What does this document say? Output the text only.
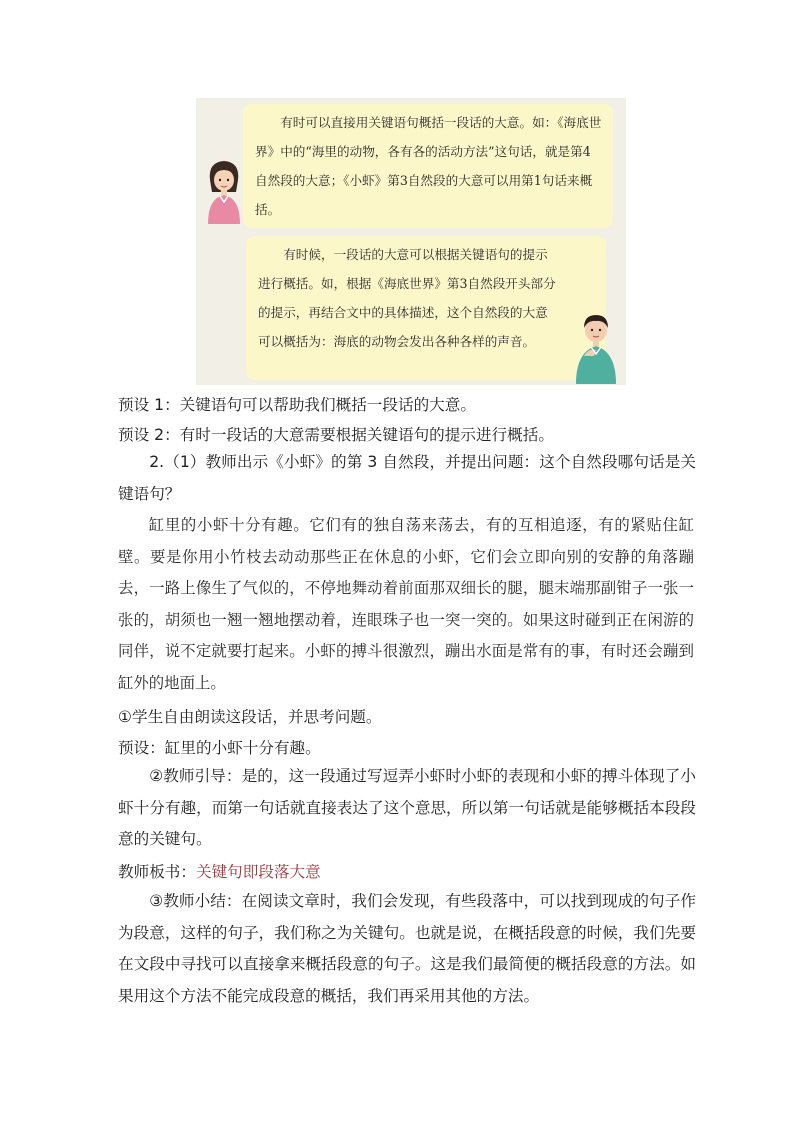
有时可以直接用关键语句概括一段话的大意。如：《海底世界》中的“海里的动物，各有各的活动方法”这句话，就是第4自然段的大意；《小虾》第3自然段的大意可以用第1句话来概括。

有时候，一段话的大意可以根据关键语句的提示进行概括。如，根据《海底世界》第3自然段开头部分的提示，再结合文中的具体描述，这个自然段的大意可以概括为：海底的动物会发出各种各样的声音。

预设 1：关键语句可以帮助我们概括一段话的大意。
预设 2：有时一段话的大意需要根据关键语句的提示进行概括。

2.（1）教师出示《小虾》的第 3 自然段，并提出问题：这个自然段哪句话是关键语句？

缸里的小虾十分有趣。它们有的独自荡来荡去，有的互相追逐，有的紧贴住缸壁。要是你用小竹枝去动动那些正在休息的小虾，它们会立即向别的安静的角落蹦去，一路上像生了气似的，不停地舞动着前面那双细长的腿，腿末端那副钳子一张一张的，胡须也一翘一翘地摆动着，连眼珠子也一突一突的。如果这时碰到正在闲游的同伴，说不定就要打起来。小虾的搏斗很激烈，蹦出水面是常有的事，有时还会蹦到缸外的地面上。

①学生自由朗读这段话，并思考问题。
预设：缸里的小虾十分有趣。

②教师引导：是的，这一段通过写逗弄小虾时小虾的表现和小虾的搏斗体现了小虾十分有趣，而第一句话就直接表达了这个意思，所以第一句话就是能够概括本段段意的关键句。

教师板书：关键句即段落大意

③教师小结：在阅读文章时，我们会发现，有些段落中，可以找到现成的句子作为段意，这样的句子，我们称之为关键句。也就是说，在概括段意的时候，我们先要在文段中寻找可以直接拿来概括段意的句子。这是我们最简便的概括段意的方法。如果用这个方法不能完成段意的概括，我们再采用其他的方法。
